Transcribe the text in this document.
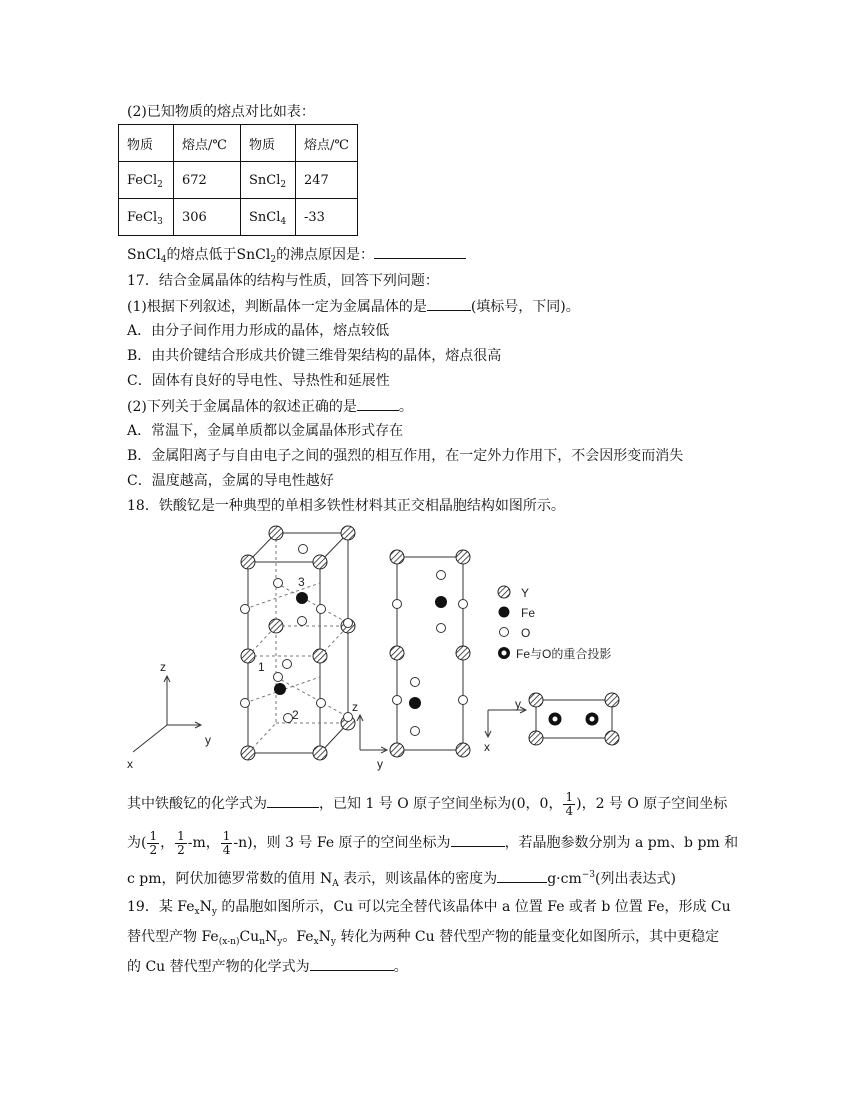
(2)已知物质的熔点对比如表：
物质	熔点/℃	物质	熔点/℃
FeCl$_2$	672	SnCl$_2$	247
FeCl$_3$	306	SnCl$_4$	-33
SnCl$_4$的熔点低于SnCl$_2$的沸点原因是：
17．结合金属晶体的结构与性质，回答下列问题：
(1)根据下列叙述，判断晶体一定为金属晶体的是	(填标号，下同)。
A．由分子间作用力形成的晶体，熔点较低
B．由共价键结合形成共价键三维骨架结构的晶体，熔点很高
C．固体有良好的导电性、导热性和延展性
(2)下列关于金属晶体的叙述正确的是	。
A．常温下，金属单质都以金属晶体形式存在
B．金属阳离子与自由电子之间的强烈的相互作用，在一定外力作用下，不会因形变而消失
C．温度越高，金属的导电性越好
18．铁酸钇是一种典型的单相多铁性材料其正交相晶胞结构如图所示。
3
1
2
z
y
x
z
y
Y
Fe
O
Fe与O的重合投影
y
x
其中铁酸钇的化学式为	，已知 1 号 O 原子空间坐标为(0，0， $\frac{1}{4}$ )，2 号 O 原子空间坐标
为( $\frac{1}{2}$ ， $\frac{1}{2} -m$， $\frac{1}{4} -n$)，则 3 号 Fe 原子的空间坐标为	，若晶胞参数分别为 a pm、b pm 和
c pm，阿伏加德罗常数的值用 $N_A$ 表示，则该晶体的密度为	$g\cdot cm^{-3}$(列出表达式)
19．某 $Fe_xN_y$ 的晶胞如图所示，Cu 可以完全替代该晶体中 a 位置 Fe 或者 b 位置 Fe，形成 Cu
替代型产物 $Fe_{(x-n)}Cu_nN_y$。$Fe_xN_y$ 转化为两种 Cu 替代型产物的能量变化如图所示，其中更稳定
的 Cu 替代型产物的化学式为	。
